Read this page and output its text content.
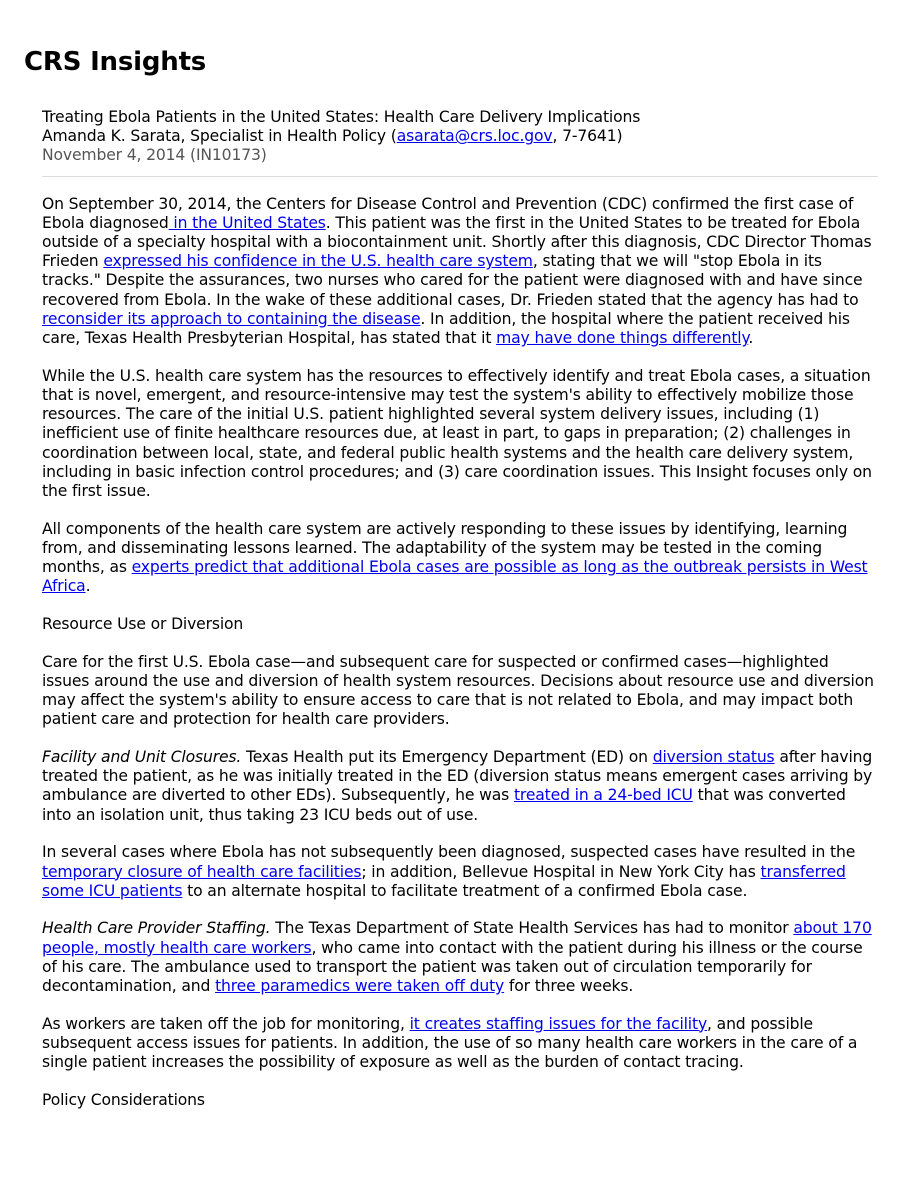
CRS Insights
Treating Ebola Patients in the United States: Health Care Delivery Implications
Amanda K. Sarata, Specialist in Health Policy (asarata@crs.loc.gov, 7-7641)
November 4, 2014 (IN10173)

On September 30, 2014, the Centers for Disease Control and Prevention (CDC) confirmed the first case of Ebola diagnosed in the United States. This patient was the first in the United States to be treated for Ebola outside of a specialty hospital with a biocontainment unit. Shortly after this diagnosis, CDC Director Thomas Frieden expressed his confidence in the U.S. health care system, stating that we will "stop Ebola in its tracks." Despite the assurances, two nurses who cared for the patient were diagnosed with and have since recovered from Ebola. In the wake of these additional cases, Dr. Frieden stated that the agency has had to reconsider its approach to containing the disease. In addition, the hospital where the patient received his care, Texas Health Presbyterian Hospital, has stated that it may have done things differently.

While the U.S. health care system has the resources to effectively identify and treat Ebola cases, a situation that is novel, emergent, and resource-intensive may test the system's ability to effectively mobilize those resources. The care of the initial U.S. patient highlighted several system delivery issues, including (1) inefficient use of finite healthcare resources due, at least in part, to gaps in preparation; (2) challenges in coordination between local, state, and federal public health systems and the health care delivery system, including in basic infection control procedures; and (3) care coordination issues. This Insight focuses only on the first issue.

All components of the health care system are actively responding to these issues by identifying, learning from, and disseminating lessons learned. The adaptability of the system may be tested in the coming months, as experts predict that additional Ebola cases are possible as long as the outbreak persists in West Africa.

Resource Use or Diversion

Care for the first U.S. Ebola case—and subsequent care for suspected or confirmed cases—highlighted issues around the use and diversion of health system resources. Decisions about resource use and diversion may affect the system's ability to ensure access to care that is not related to Ebola, and may impact both patient care and protection for health care providers.

Facility and Unit Closures. Texas Health put its Emergency Department (ED) on diversion status after having treated the patient, as he was initially treated in the ED (diversion status means emergent cases arriving by ambulance are diverted to other EDs). Subsequently, he was treated in a 24-bed ICU that was converted into an isolation unit, thus taking 23 ICU beds out of use.

In several cases where Ebola has not subsequently been diagnosed, suspected cases have resulted in the temporary closure of health care facilities; in addition, Bellevue Hospital in New York City has transferred some ICU patients to an alternate hospital to facilitate treatment of a confirmed Ebola case.

Health Care Provider Staffing. The Texas Department of State Health Services has had to monitor about 170 people, mostly health care workers, who came into contact with the patient during his illness or the course of his care. The ambulance used to transport the patient was taken out of circulation temporarily for decontamination, and three paramedics were taken off duty for three weeks.

As workers are taken off the job for monitoring, it creates staffing issues for the facility, and possible subsequent access issues for patients. In addition, the use of so many health care workers in the care of a single patient increases the possibility of exposure as well as the burden of contact tracing.

Policy Considerations
